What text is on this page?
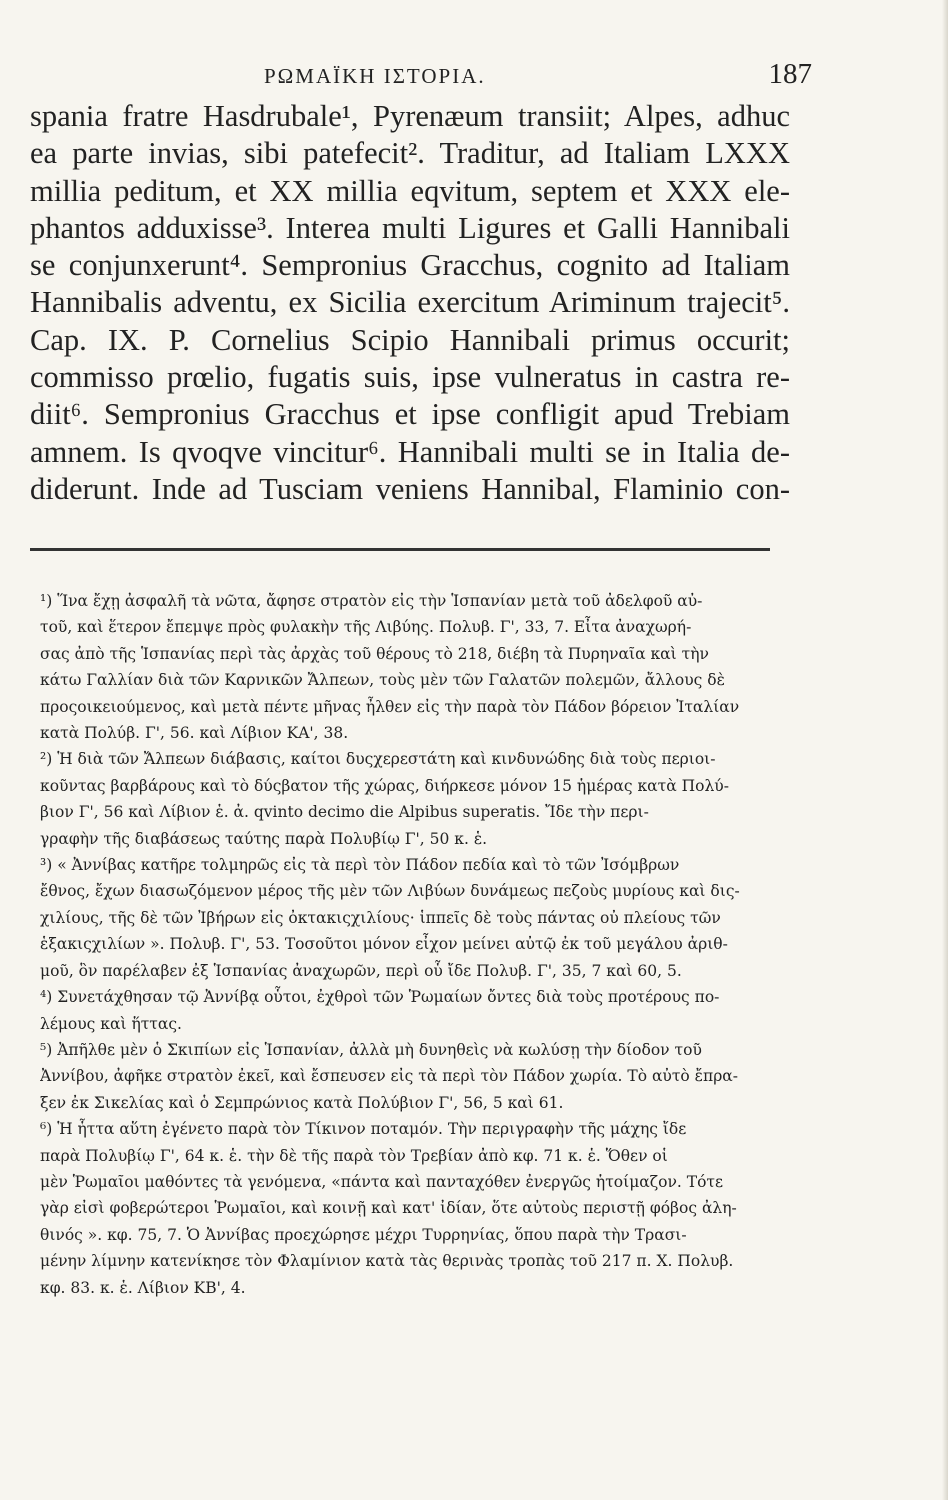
ΡΩΜΑΪΚΗ ΙΣΤΟΡΙΑ.	187
spania fratre Hasdrubale¹, Pyrenæum transiit; Alpes, adhuc
ea parte invias, sibi patefecit². Traditur, ad Italiam LXXX
millia peditum, et XX millia eqvitum, septem et XXX ele-
phantos adduxisse³. Interea multi Ligures et Galli Hannibali
se conjunxerunt⁴. Sempronius Gracchus, cognito ad Italiam
Hannibalis adventu, ex Sicilia exercitum Ariminum trajecit⁵.
Cap. IX. P. Cornelius Scipio Hannibali primus occurit;
commisso prœlio, fugatis suis, ipse vulneratus in castra re-
diit⁶. Sempronius Gracchus et ipse confligit apud Trebiam
amnem. Is qvoqve vincitur⁶. Hannibali multi se in Italia de-
diderunt. Inde ad Tusciam veniens Hannibal, Flaminio con-
¹) Ἵνα ἔχῃ ἀσφαλῆ τὰ νῶτα, ἄφησε στρατὸν εἰς τὴν Ἱσπανίαν μετὰ τοῦ ἀδελφοῦ αὐ-
τοῦ, καὶ ἕτερον ἔπεμψε πρὸς φυλακὴν τῆς Λιβύης. Πολυβ. Γ', 33, 7. Εἶτα ἀναχωρή-
σας ἀπὸ τῆς Ἱσπανίας περὶ τὰς ἀρχὰς τοῦ θέρους τὸ 218, διέβη τὰ Πυρηναῖα καὶ τὴν
κάτω Γαλλίαν διὰ τῶν Καρνικῶν Ἄλπεων, τοὺς μὲν τῶν Γαλατῶν πολεμῶν, ἄλλους δὲ
προςοικειούμενος, καὶ μετὰ πέντε μῆνας ἦλθεν εἰς τὴν παρὰ τὸν Πάδον βόρειον Ἰταλίαν
κατὰ Πολύβ. Γ', 56. καὶ Λίβιον ΚΑ', 38.
²) Ἡ διὰ τῶν Ἄλπεων διάβασις, καίτοι δυςχερεστάτη καὶ κινδυνώδης διὰ τοὺς περιοι-
κοῦντας βαρβάρους καὶ τὸ δύςβατον τῆς χώρας, διήρκεσε μόνον 15 ἡμέρας κατὰ Πολύ-
βιον Γ', 56 καὶ Λίβιον ἑ. ἀ. qvinto decimo die Alpibus superatis. Ἴδε τὴν περι-
γραφὴν τῆς διαβάσεως ταύτης παρὰ Πολυβίῳ Γ', 50 κ. ἑ.
³) « Ἀννίβας κατῆρε τολμηρῶς εἰς τὰ περὶ τὸν Πάδον πεδία καὶ τὸ τῶν Ἰσόμβρων
ἔθνος, ἔχων διασωζόμενον μέρος τῆς μὲν τῶν Λιβύων δυνάμεως πεζοὺς μυρίους καὶ δις-
χιλίους, τῆς δὲ τῶν Ἰβήρων εἰς ὀκτακιςχιλίους· ἱππεῖς δὲ τοὺς πάντας οὐ πλείους τῶν
ἑξακιςχιλίων ». Πολυβ. Γ', 53. Τοσοῦτοι μόνον εἶχον μείνει αὐτῷ ἐκ τοῦ μεγάλου ἀριθ-
μοῦ, ὃν παρέλαβεν ἐξ Ἱσπανίας ἀναχωρῶν, περὶ οὗ ἴδε Πολυβ. Γ', 35, 7 καὶ 60, 5.
⁴) Συνετάχθησαν τῷ Ἀννίβᾳ οὗτοι, ἐχθροὶ τῶν Ῥωμαίων ὄντες διὰ τοὺς προτέρους πο-
λέμους καὶ ἥττας.
⁵) Ἀπῆλθε μὲν ὁ Σκιπίων εἰς Ἱσπανίαν, ἀλλὰ μὴ δυνηθεὶς νὰ κωλύσῃ τὴν δίοδον τοῦ
Ἀννίβου, ἀφῆκε στρατὸν ἐκεῖ, καὶ ἔσπευσεν εἰς τὰ περὶ τὸν Πάδον χωρία. Τὸ αὐτὸ ἔπρα-
ξεν ἐκ Σικελίας καὶ ὁ Σεμπρώνιος κατὰ Πολύβιον Γ', 56, 5 καὶ 61.
⁶) Ἡ ἧττα αὕτη ἐγένετο παρὰ τὸν Τίκινον ποταμόν. Τὴν περιγραφὴν τῆς μάχης ἴδε
παρὰ Πολυβίῳ Γ', 64 κ. ἑ. τὴν δὲ τῆς παρὰ τὸν Τρεβίαν ἀπὸ κφ. 71 κ. ἑ. Ὅθεν οἱ
μὲν Ῥωμαῖοι μαθόντες τὰ γενόμενα, «πάντα καὶ πανταχόθεν ἐνεργῶς ἡτοίμαζον. Τότε
γὰρ εἰσὶ φοβερώτεροι Ῥωμαῖοι, καὶ κοινῇ καὶ κατ' ἰδίαν, ὅτε αὐτοὺς περιστῇ φόβος ἀλη-
θινός ». κφ. 75, 7. Ὁ Ἀννίβας προεχώρησε μέχρι Τυρρηνίας, ὅπου παρὰ τὴν Τρασι-
μένην λίμνην κατενίκησε τὸν Φλαμίνιον κατὰ τὰς θερινὰς τροπὰς τοῦ 217 π. Χ. Πολυβ.
κφ. 83. κ. ἑ. Λίβιον ΚΒ', 4.
